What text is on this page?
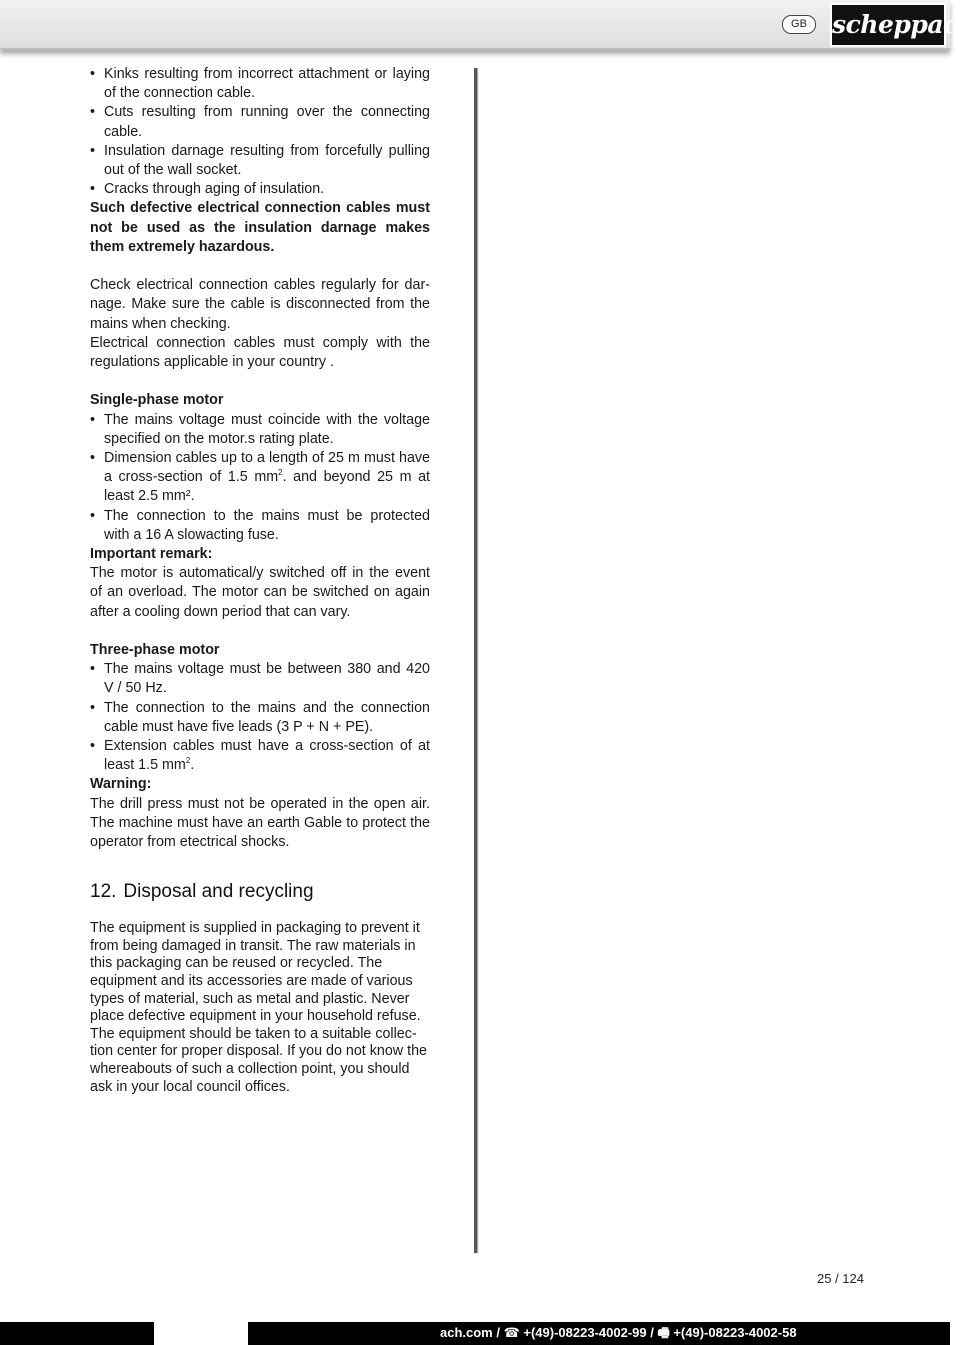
GB	scheppach
• Kinks resulting from incorrect attachment or laying of the connection cable.
• Cuts resulting from running over the connecting cable.
• Insulation darnage resulting from forcefully pulling out of the wall socket.
• Cracks through aging of insulation.

Such defective electrical connection cables must not be used as the insulation darnage makes them extremely hazardous.

Check electrical connection cables regularly for darnage. Make sure the cable is disconnected from the mains when checking.

Electrical connection cables must comply with the regulations applicable in your country .

Single-phase motor

• The mains voltage must coincide with the voltage specified on the motor.s rating plate.
• Dimension cables up to a length of 25 m must have a cross-section of 1.5 $mm^2$. and beyond 25 m at least 2.5 mm².
• The connection to the mains must be protected with a 16 A slowacting fuse.

Important remark:

The motor is automatical/y switched off in the event of an overload. The motor can be switched on again after a cooling down period that can vary.

Three-phase motor

• The mains voltage must be between 380 and 420 V / 50 Hz.
• The connection to the mains and the connection cable must have five leads (3 P + N + PE).
• Extension cables must have a cross-section of at least 1.5 $mm^2$.

Warning:

The drill press must not be operated in the open air. The machine must have an earth Gable to protect the operator from etectrical shocks.

12. Disposal and recycling

The equipment is supplied in packaging to prevent it from being damaged in transit. The raw materials in this packaging can be reused or recycled. The equipment and its accessories are made of various types of material, such as metal and plastic. Never place defective equipment in your household refuse. The equipment should be taken to a suitable collection center for proper disposal. If you do not know the whereabouts of such a collection point, you should ask in your local council offices.

25 / 124
ach.com / ☎ +(49)-08223-4002-99 / 🖷 +(49)-08223-4002-58
